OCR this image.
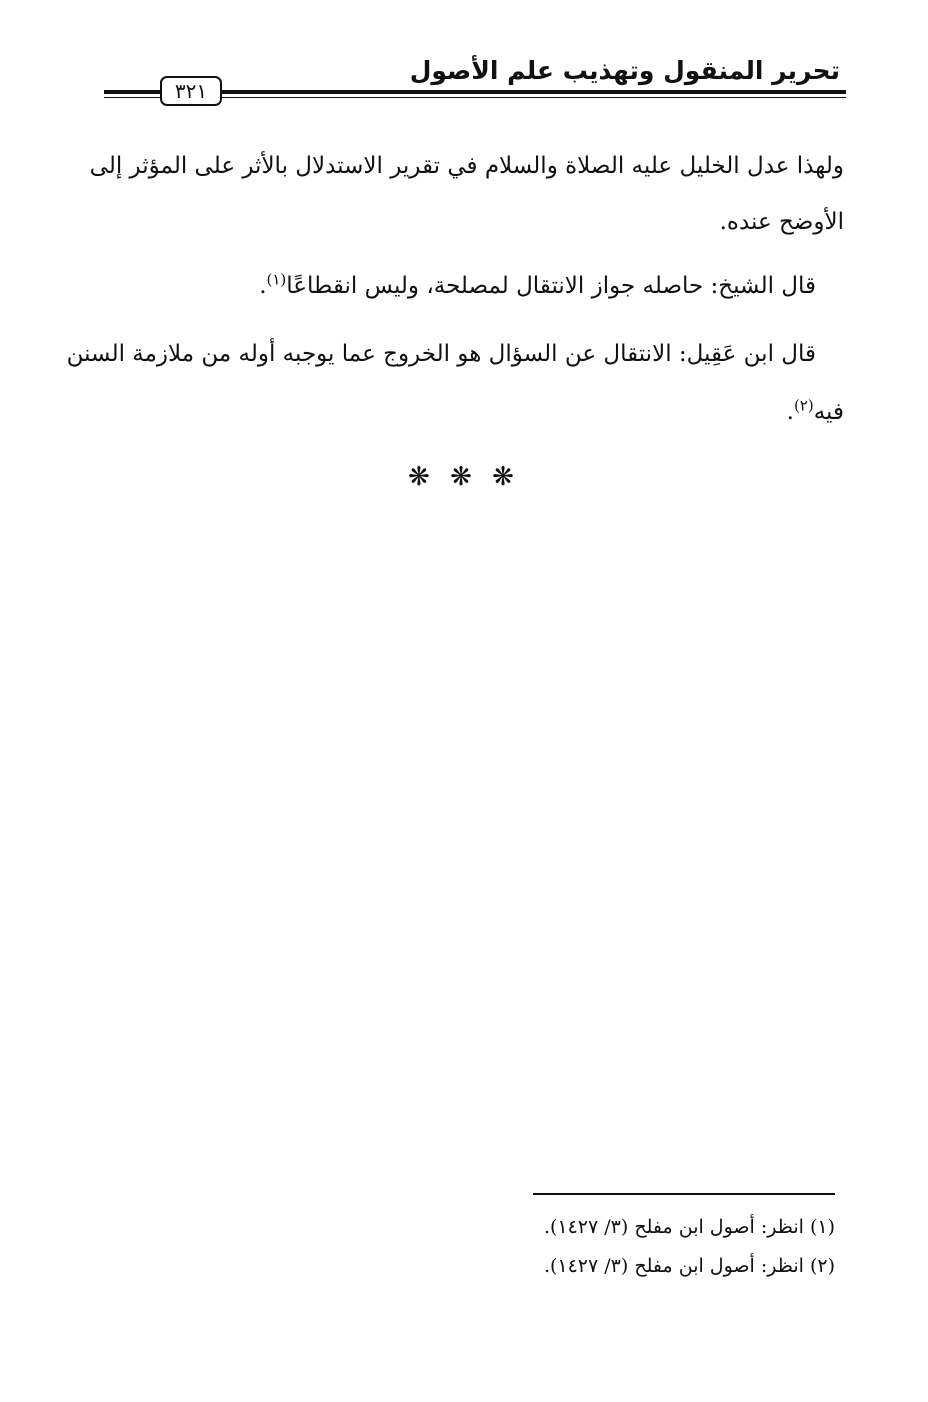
تحرير المنقول وتهذيب علم الأصول
٣٢١
ولهذا عدل الخليل عليه الصلاة والسلام في تقرير الاستدلال بالأثر على المؤثر إلى
الأوضح عنده.
قال الشيخ: حاصله جواز الانتقال لمصلحة، وليس انقطاعًا$^{(١)}$.
قال ابن عَقِيل: الانتقال عن السؤال هو الخروج عما يوجبه أوله من ملازمة السنن
فيه$^{(٢)}$.
❋ ❋ ❋
(١) انظر: أصول ابن مفلح (٣/ ١٤٢٧).
(٢) انظر: أصول ابن مفلح (٣/ ١٤٢٧).
